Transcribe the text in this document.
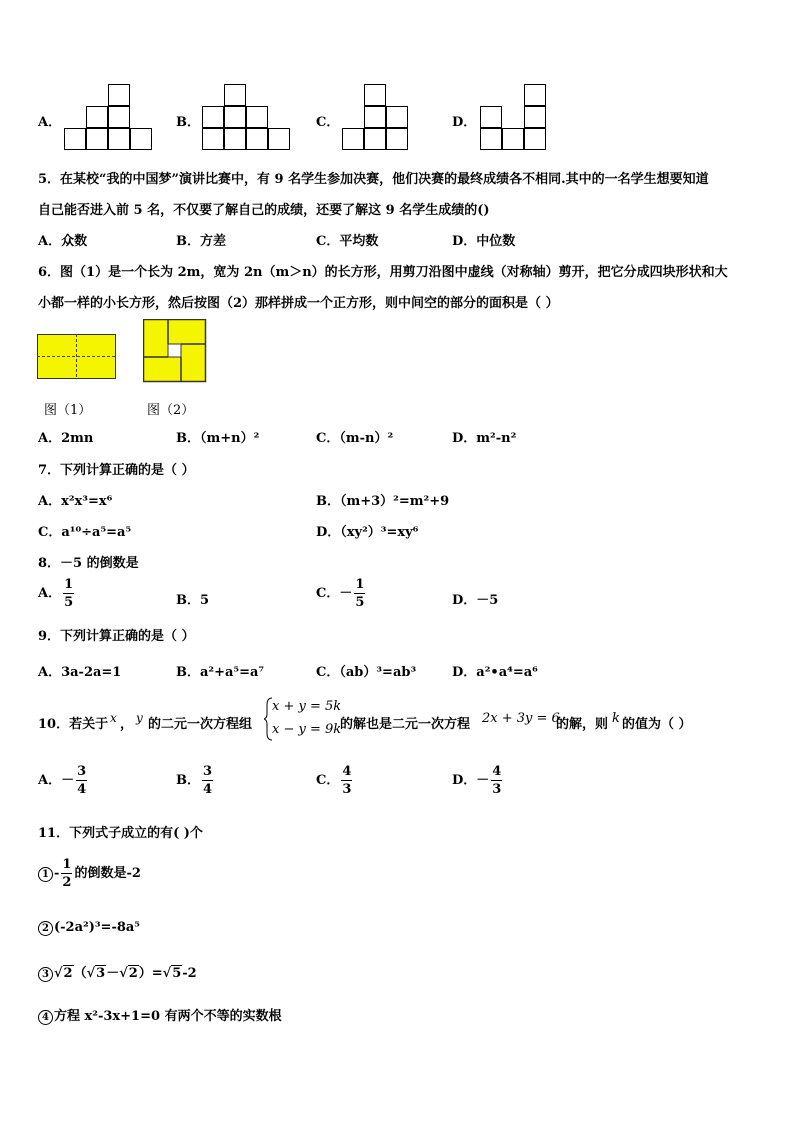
A．	B．	C．	D．
5．在某校“我的中国梦”演讲比赛中，有 9 名学生参加决赛，他们决赛的最终成绩各不相同.其中的一名学生想要知道
自己能否进入前 5 名，不仅要了解自己的成绩，还要了解这 9 名学生成绩的()
A．众数	B．方差	C．平均数	D．中位数
6．图（1）是一个长为 2m，宽为 2n（m＞n）的长方形，用剪刀沿图中虚线（对称轴）剪开，把它分成四块形状和大
小都一样的小长方形，然后按图（2）那样拼成一个正方形，则中间空的部分的面积是（ ）
图（1）	图（2）
A．2mn	B．（m+n）²	C．（m-n）²	D．m²-n²
7．下列计算正确的是（ ）
A．x²x³=x⁶	B．（m+3）²=m²+9
C．a¹⁰÷a⁵=a⁵	D．（xy²）³=xy⁶
8．－5 的倒数是
A． $\frac{1}{5}$	B．5	C．－ $\frac{1}{5}$	D．－5
9．下列计算正确的是（ ）
A．3a-2a=1	B．a²+a⁵=a⁷	C．（ab）³=ab³	D．a²•a⁴=a⁶
10．若关于 x ， y 的二元一次方程组
x + y = 5k
x − y = 9k
的解也是二元一次方程 2x + 3y = 6
的解，则 k 的值为（ ）
A．－ $\frac{3}{4}$	B． $\frac{3}{4}$	C． $\frac{4}{3}$	D．－ $\frac{4}{3}$
11．下列式子成立的有( )个
$1 - \frac{1}{2}$ 的倒数是-2
2 (-2a²)³=-8a⁵
3 √2（√3－√2）=√5-2
4 方程 x²-3x+1=0 有两个不等的实数根
